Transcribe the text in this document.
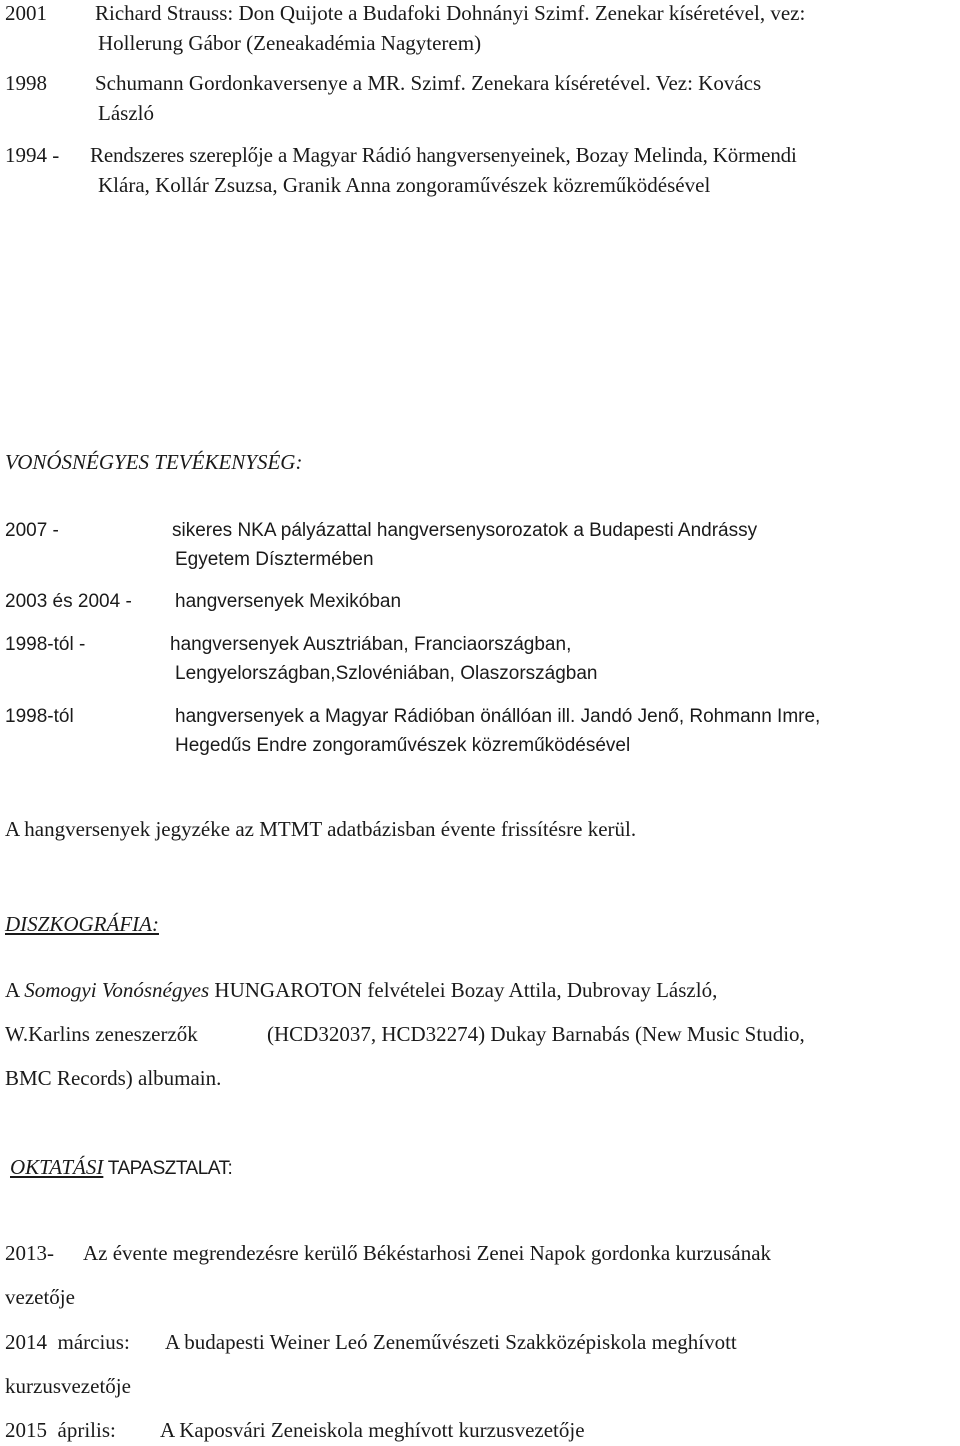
2001 Richard Strauss: Don Quijote a Budafoki Dohnányi Szimf. Zenekar kíséretével, vez:
Hollerung Gábor (Zeneakadémia Nagyterem)
1998 Schumann Gordonkaversenye a MR. Szimf. Zenekara kíséretével. Vez: Kovács
László
1994 - Rendszeres szereplője a Magyar Rádió hangversenyeinek, Bozay Melinda, Körmendi
Klára, Kollár Zsuzsa, Granik Anna zongoraművészek közreműködésével
VONÓSNÉGYES TEVÉKENYSÉG:
2007 -	sikeres NKA pályázattal hangversenysorozatok a Budapesti Andrássy
Egyetem Dísztermében
2003 és 2004 - hangversenyek Mexikóban
1998-tól -	hangversenyek Ausztriában, Franciaországban,
Lengyelországban,Szlovéniában, Olaszországban
1998-tól	hangversenyek a Magyar Rádióban önállóan ill. Jandó Jenő, Rohmann Imre,
Hegedűs Endre zongoraművészek közreműködésével
A hangversenyek jegyzéke az MTMT adatbázisban évente frissítésre kerül.
DISZKOGRÁFIA:
A Somogyi Vonósnégyes HUNGAROTON felvételei Bozay Attila, Dubrovay László,
W.Karlins zeneszerzők	(HCD32037, HCD32274) Dukay Barnabás (New Music Studio,
BMC Records) albumain.
OKTATÁSI TAPASZTALAT:
2013- Az évente megrendezésre kerülő Békéstarhosi Zenei Napok gordonka kurzusának
vezetője
2014  március: A budapesti Weiner Leó Zeneművészeti Szakközépiskola meghívott
kurzusvezetője
2015  április: A Kaposvári Zeneiskola meghívott kurzusvezetője
